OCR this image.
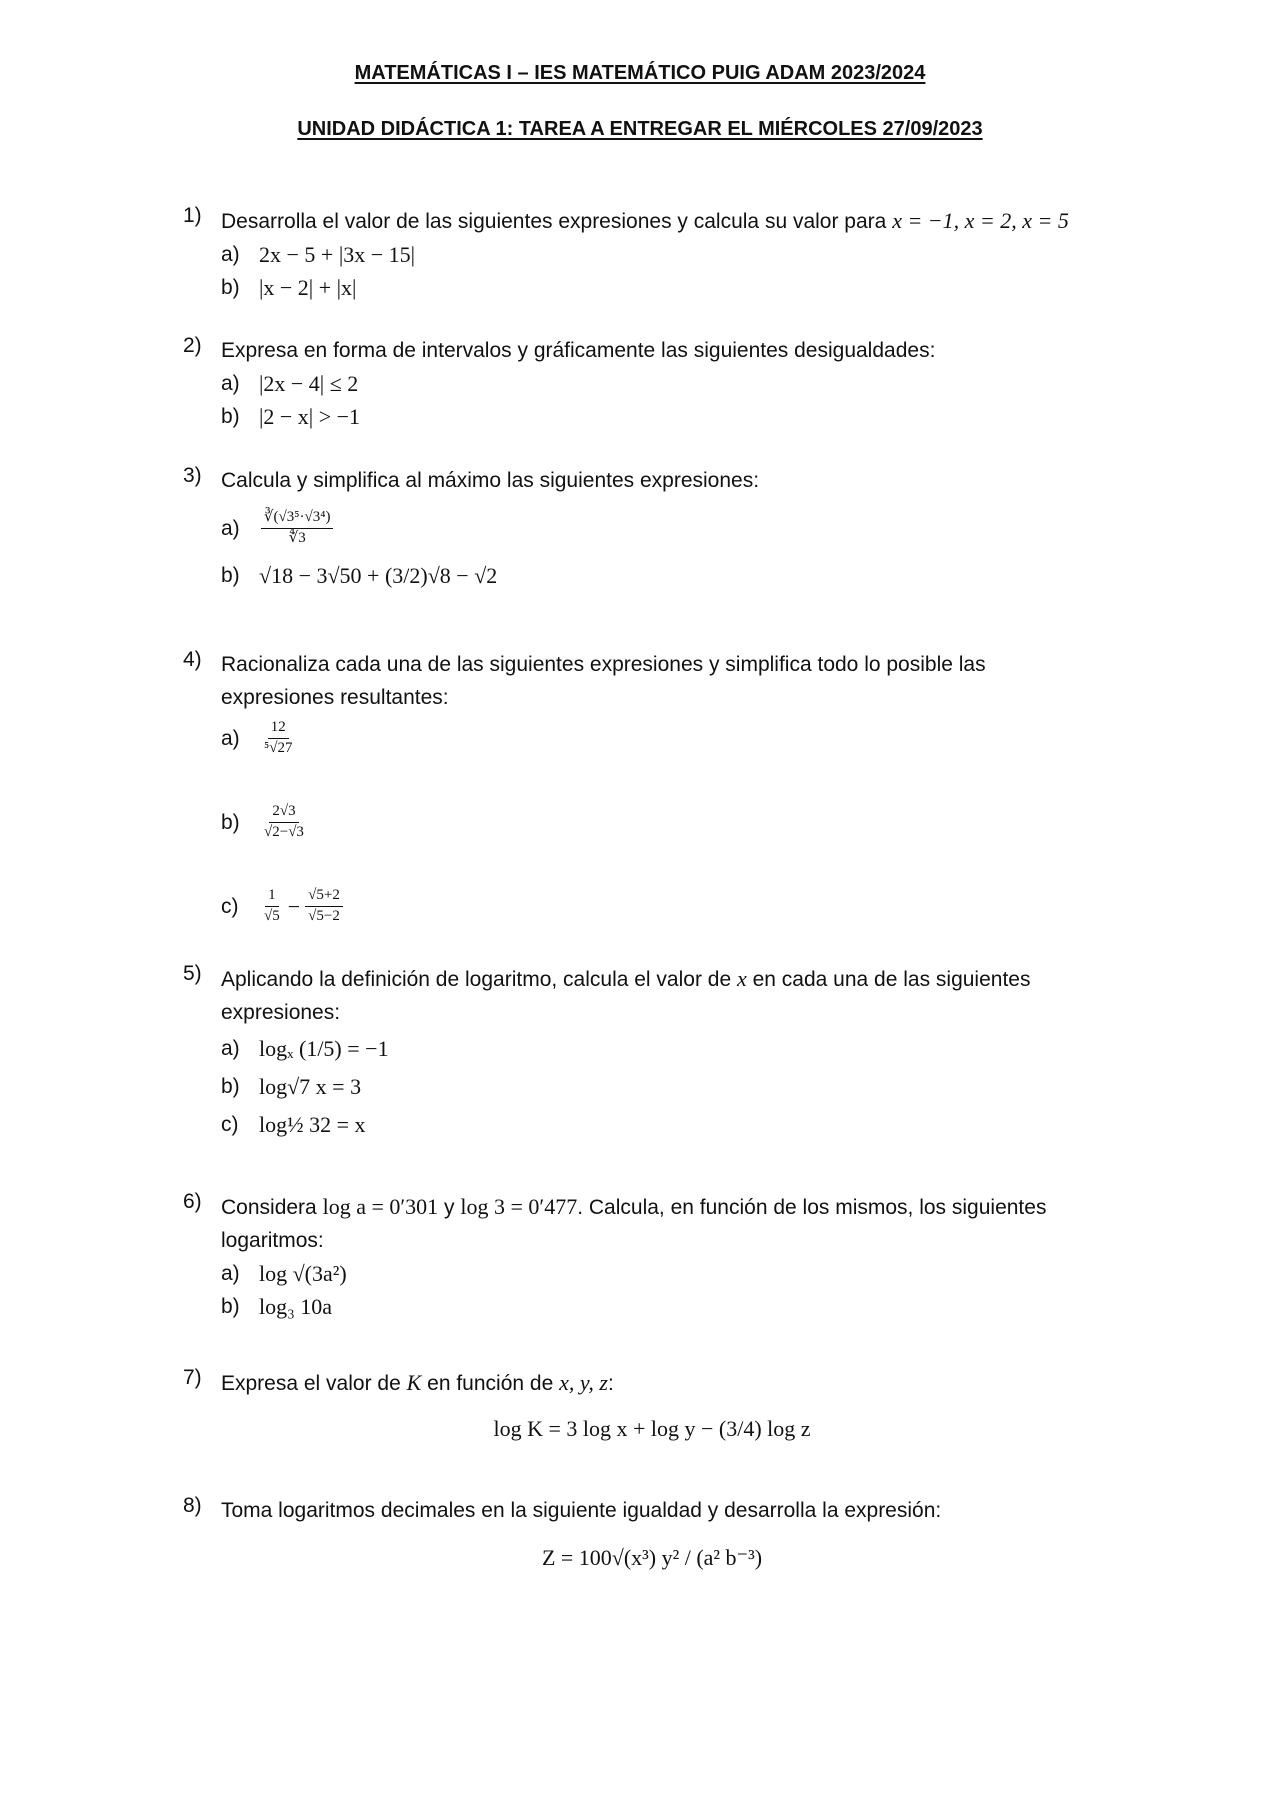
MATEMÁTICAS I – IES MATEMÁTICO PUIG ADAM 2023/2024
UNIDAD DIDÁCTICA 1: TAREA A ENTREGAR EL MIÉRCOLES 27/09/2023
1) Desarrolla el valor de las siguientes expresiones y calcula su valor para x = −1, x = 2, x = 5
a) 2x − 5 + |3x − 15|
b) |x − 2| + |x|
2) Expresa en forma de intervalos y gráficamente las siguientes desigualdades:
a) |2x − 4| ≤ 2
b) |2 − x| > −1
3) Calcula y simplifica al máximo las siguientes expresiones:
a)	$\frac{\text{∛(√3⁵·√3⁴)}}{∜3}$
b) √18 − 3√50 + (3/2)√8 − √2
4) Racionaliza cada una de las siguientes expresiones y simplifica todo lo posible las expresiones resultantes:
a)	$\frac{12}{\text{⁵√27}}$
b)	$\frac{2√3}{√2-√3}$
c)	$\frac{1}{√5} - \frac{√5+2}{√5-2}$
5) Aplicando la definición de logaritmo, calcula el valor de x en cada una de las siguientes expresiones:
a) logₓ (1/5) = −1
b) log√7 x = 3
c) log½ 32 = x
6) Considera log a = 0′301 y log 3 = 0′477. Calcula, en función de los mismos, los siguientes logaritmos:
a) log √(3a²)
b) log₃ 10a
7) Expresa el valor de K en función de x, y, z:
log K = 3 log x + log y − (3/4) log z
8) Toma logaritmos decimales en la siguiente igualdad y desarrolla la expresión:
Z = 100√(x³) y² / (a² b⁻³)
